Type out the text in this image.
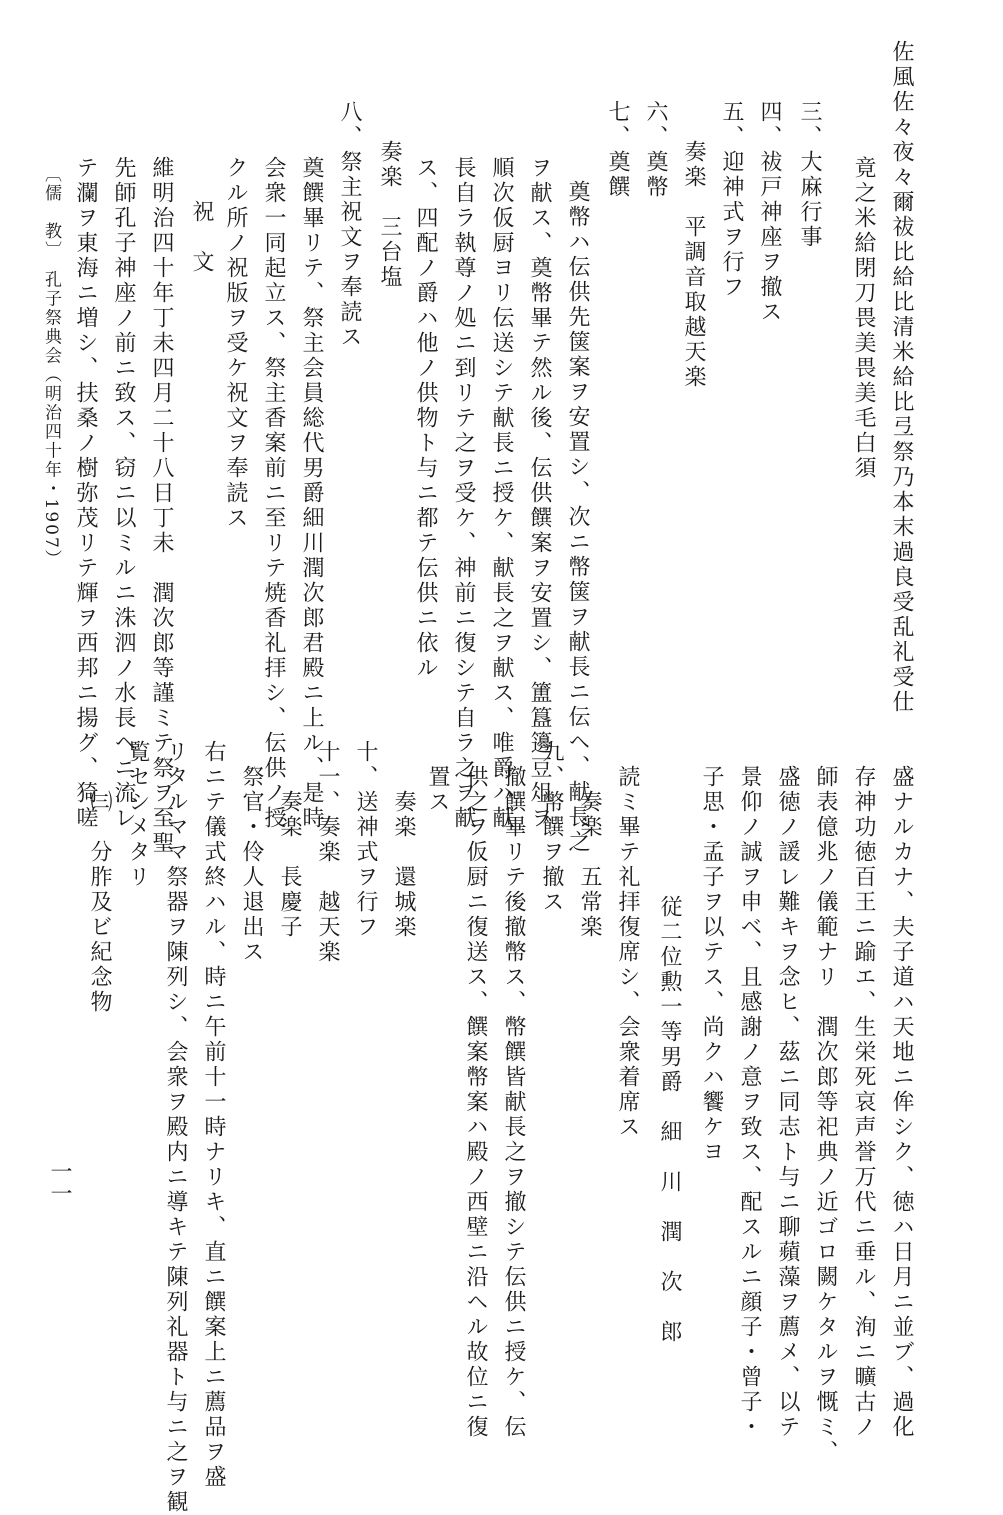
佐風佐々夜々爾祓比給比清米給比弖祭乃本末過良受乱礼受仕
竟之米給閉刀畏美畏美毛白須
三、大麻行事
四、祓戸神座ヲ撤ス
五、迎神式ヲ行フ
奏楽　平調音取越天楽
六、奠幣
七、奠饌
奠幣ハ伝供先箧案ヲ安置シ、次ニ幣箧ヲ献長ニ伝ヘ、献長之
ヲ献ス、奠幣畢テ然ル後、伝供饌案ヲ安置シ、簠簋籩豆俎ヲ
順次仮厨ヨリ伝送シテ献長ニ授ケ、献長之ヲ献ス、唯爵ハ献
長自ラ執尊ノ処ニ到リテ之ヲ受ケ、神前ニ復シテ自ラ之ヲ献
ス、四配ノ爵ハ他ノ供物ト与ニ都テ伝供ニ依ル
奏楽　三台塩
八、祭主祝文ヲ奉読ス
奠饌畢リテ、祭主会員総代男爵細川潤次郎君殿ニ上ル、是時
会衆一同起立ス、祭主香案前ニ至リテ焼香礼拝シ、伝供ノ授
クル所ノ祝版ヲ受ケ祝文ヲ奉読ス
祝　文
維明治四十年丁未四月二十八日丁未　潤次郎等謹ミテ祭ヲ至聖
先師孔子神座ノ前ニ致ス、窃ニ以ミルニ洙泗ノ水長ヘニ流レ
テ瀾ヲ東海ニ増シ、扶桑ノ樹弥茂リテ輝ヲ西邦ニ揚グ、猗嗟
〔儒　教〕　孔子祭典会（明治四十年・1907）
盛ナルカナ、夫子道ハ天地ニ侔シク、徳ハ日月ニ並ブ、過化
存神功徳百王ニ踰エ、生栄死哀声誉万代ニ垂ル、洵ニ曠古ノ
師表億兆ノ儀範ナリ　潤次郎等祀典ノ近ゴロ闕ケタルヲ慨ミ、
盛徳ノ諼レ難キヲ念ヒ、茲ニ同志ト与ニ聊蘋藻ヲ薦メ、以テ
景仰ノ誠ヲ申ベ、且感謝ノ意ヲ致ス、配スルニ顔子・曾子・
子思・孟子ヲ以テス、尚クハ饗ケヨ
従二位勲一等男爵　細　川　潤　次　郎
読ミ畢テ礼拝復席シ、会衆着席ス
奏楽　五常楽
九、幣饌ヲ撤ス
撤饌畢リテ後撤幣ス、幣饌皆献長之ヲ撤シテ伝供ニ授ケ、伝
供之ヲ仮厨ニ復送ス、饌案幣案ハ殿ノ西壁ニ沿ヘル故位ニ復
置ス
奏楽　還城楽
十、送神式ヲ行フ
十一、奏楽　越天楽
奏楽　長慶子
祭官・伶人退出ス
右ニテ儀式終ハル、時ニ午前十一時ナリキ、直ニ饌案上ニ薦品ヲ盛
リタルママ祭器ヲ陳列シ、会衆ヲ殿内ニ導キテ陳列礼器ト与ニ之ヲ観
覧セシメタリ
㈢　分胙及ビ紀念物
一一
